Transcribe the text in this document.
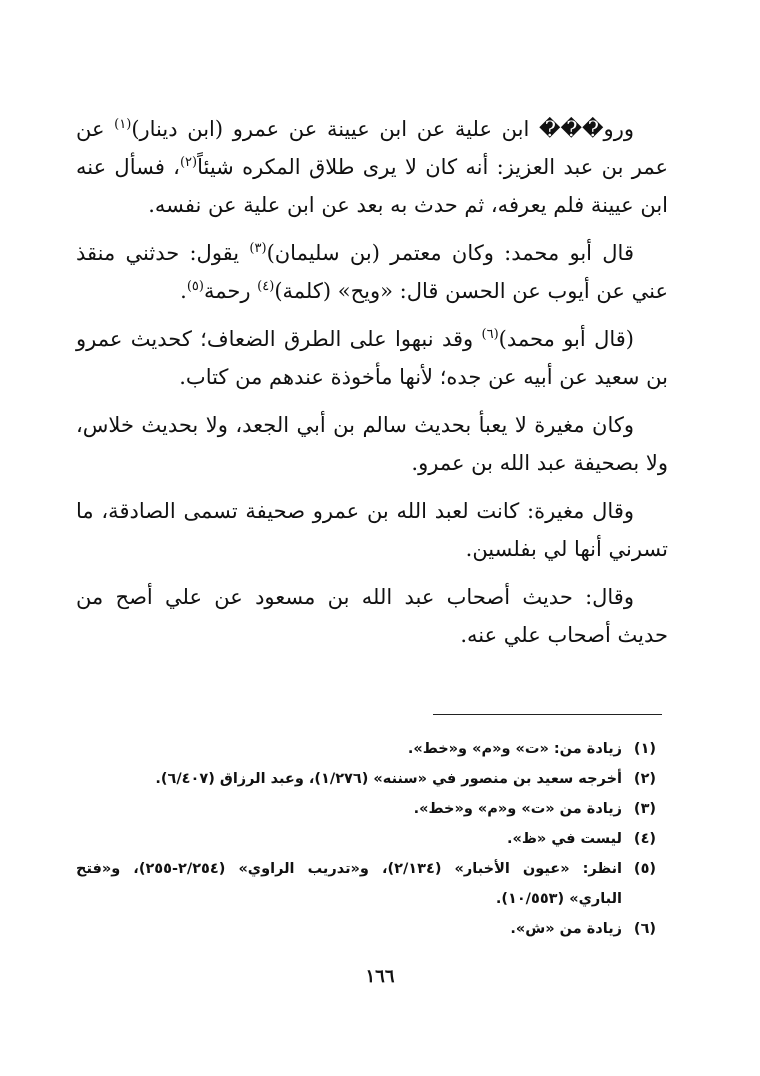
ورو��� ابن علية عن ابن عيينة عن عمرو (ابن دينار)$^{(١)}$ عن عمر بن عبد العزيز: أنه كان لا يرى طلاق المكره شيئاً$^{(٢)}$، فسأل عنه ابن عيينة فلم يعرفه، ثم حدث به بعد عن ابن علية عن نفسه.

قال أبو محمد: وكان معتمر (بن سليمان)$^{(٣)}$ يقول: حدثني منقذ عني عن أيوب عن الحسن قال: «ويح» (كلمة)$^{(٤)}$ رحمة$^{(٥)}$.

(قال أبو محمد)$^{(٦)}$ وقد نبهوا على الطرق الضعاف؛ كحديث عمرو بن سعيد عن أبيه عن جده؛ لأنها مأخوذة عندهم من كتاب.

وكان مغيرة لا يعبأ بحديث سالم بن أبي الجعد، ولا بحديث خلاس، ولا بصحيفة عبد الله بن عمرو.

وقال مغيرة: كانت لعبد الله بن عمرو صحيفة تسمى الصادقة، ما تسرني أنها لي بفلسين.

وقال: حديث أصحاب عبد الله بن مسعود عن علي أصح من حديث أصحاب علي عنه.

(١)
زيادة من: «ت» و«م» و«خط».
(٢)
أخرجه سعيد بن منصور في «سننه» (١/٢٧٦)، وعبد الرزاق (٦/٤٠٧).
(٣)
زيادة من «ت» و«م» و«خط».
(٤)
ليست في «ظ».
(٥)
انظر: «عيون الأخبار» (٢/١٣٤)، و«تدريب الراوي» (٢/٢٥٤-٢٥٥)، و«فتح الباري» (١٠/٥٥٣).
(٦)
زيادة من «ش».
١٦٦
